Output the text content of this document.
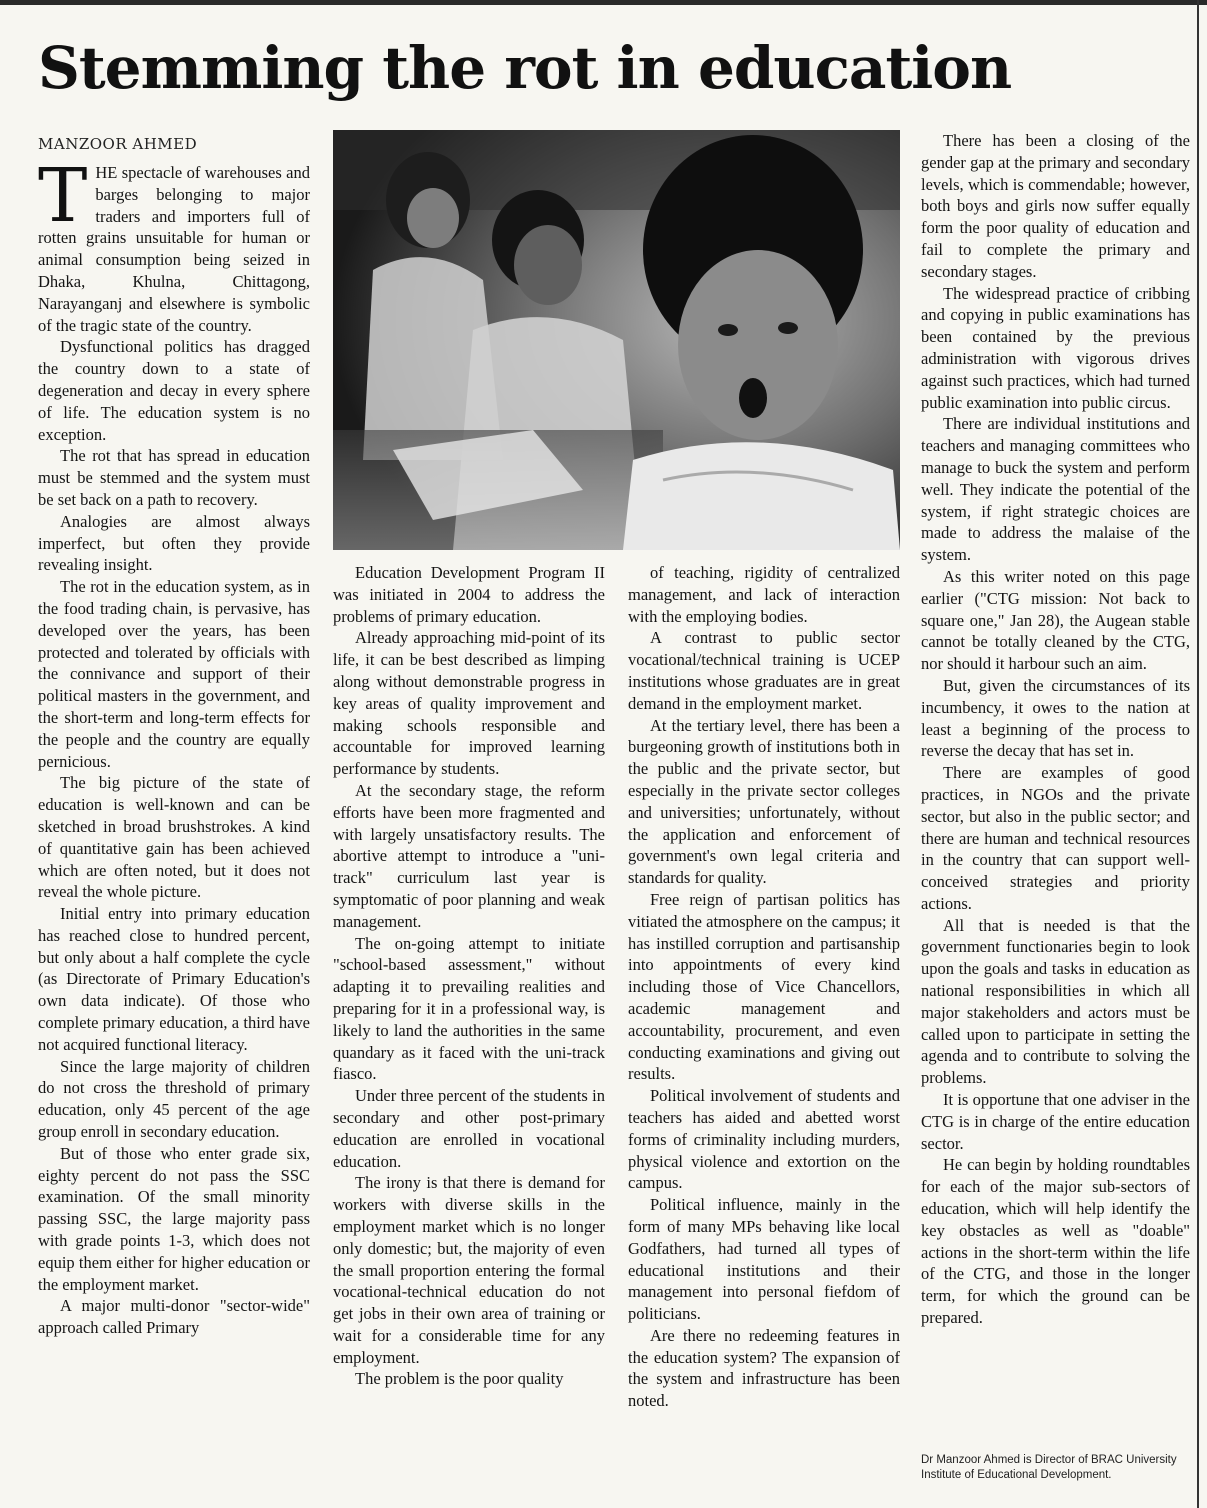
Stemming the rot in education
MANZOOR AHMED

THE spectacle of warehouses and barges belonging to major traders and importers full of rotten grains unsuitable for human or animal consumption being seized in Dhaka, Khulna, Chittagong, Narayanganj and elsewhere is symbolic of the tragic state of the country.

Dysfunctional politics has dragged the country down to a state of degeneration and decay in every sphere of life. The education system is no exception.

The rot that has spread in education must be stemmed and the system must be set back on a path to recovery.

Analogies are almost always imperfect, but often they provide revealing insight.

The rot in the education system, as in the food trading chain, is pervasive, has developed over the years, has been protected and tolerated by officials with the connivance and support of their political masters in the government, and the short-term and long-term effects for the people and the country are equally pernicious.

The big picture of the state of education is well-known and can be sketched in broad brushstrokes. A kind of quantitative gain has been achieved which are often noted, but it does not reveal the whole picture.

Initial entry into primary education has reached close to hundred percent, but only about a half complete the cycle (as Directorate of Primary Education's own data indicate). Of those who complete primary education, a third have not acquired functional literacy.

Since the large majority of children do not cross the threshold of primary education, only 45 percent of the age group enroll in secondary education.

But of those who enter grade six, eighty percent do not pass the SSC examination. Of the small minority passing SSC, the large majority pass with grade points 1-3, which does not equip them either for higher education or the employment market.

A major multi-donor "sector-wide" approach called Primary

Education Development Program II was initiated in 2004 to address the problems of primary education.

Already approaching mid-point of its life, it can be best described as limping along without demonstrable progress in key areas of quality improvement and making schools responsible and accountable for improved learning performance by students.

At the secondary stage, the reform efforts have been more fragmented and with largely unsatisfactory results. The abortive attempt to introduce a "uni-track" curriculum last year is symptomatic of poor planning and weak management.

The on-going attempt to initiate "school-based assessment," without adapting it to prevailing realities and preparing for it in a professional way, is likely to land the authorities in the same quandary as it faced with the uni-track fiasco.

Under three percent of the students in secondary and other post-primary education are enrolled in vocational education.

The irony is that there is demand for workers with diverse skills in the employment market which is no longer only domestic; but, the majority of even the small proportion entering the formal vocational-technical education do not get jobs in their own area of training or wait for a considerable time for any employment.

The problem is the poor quality

of teaching, rigidity of centralized management, and lack of interaction with the employing bodies.

A contrast to public sector vocational/technical training is UCEP institutions whose graduates are in great demand in the employment market.

At the tertiary level, there has been a burgeoning growth of institutions both in the public and the private sector, but especially in the private sector colleges and universities; unfortunately, without the application and enforcement of government's own legal criteria and standards for quality.

Free reign of partisan politics has vitiated the atmosphere on the campus; it has instilled corruption and partisanship into appointments of every kind including those of Vice Chancellors, academic management and accountability, procurement, and even conducting examinations and giving out results.

Political involvement of students and teachers has aided and abetted worst forms of criminality including murders, physical violence and extortion on the campus.

Political influence, mainly in the form of many MPs behaving like local Godfathers, had turned all types of educational institutions and their management into personal fiefdom of politicians.

Are there no redeeming features in the education system? The expansion of the system and infrastructure has been noted.

There has been a closing of the gender gap at the primary and secondary levels, which is commendable; however, both boys and girls now suffer equally form the poor quality of education and fail to complete the primary and secondary stages.

The widespread practice of cribbing and copying in public examinations has been contained by the previous administration with vigorous drives against such practices, which had turned public examination into public circus.

There are individual institutions and teachers and managing committees who manage to buck the system and perform well. They indicate the potential of the system, if right strategic choices are made to address the malaise of the system.

As this writer noted on this page earlier ("CTG mission: Not back to square one," Jan 28), the Augean stable cannot be totally cleaned by the CTG, nor should it harbour such an aim.

But, given the circumstances of its incumbency, it owes to the nation at least a beginning of the process to reverse the decay that has set in.

There are examples of good practices, in NGOs and the private sector, but also in the public sector; and there are human and technical resources in the country that can support well-conceived strategies and priority actions.

All that is needed is that the government functionaries begin to look upon the goals and tasks in education as national responsibilities in which all major stakeholders and actors must be called upon to participate in setting the agenda and to contribute to solving the problems.

It is opportune that one adviser in the CTG is in charge of the entire education sector.

He can begin by holding roundtables for each of the major sub-sectors of education, which will help identify the key obstacles as well as "doable" actions in the short-term within the life of the CTG, and those in the longer term, for which the ground can be prepared.

Dr Manzoor Ahmed is Director of BRAC University
Institute of Educational Development.
